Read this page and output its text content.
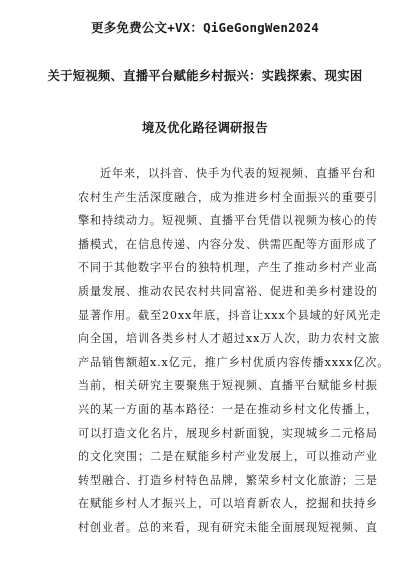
更多免费公文+VX：QiGeGongWen2024
关于短视频、直播平台赋能乡村振兴：实践探索、现实困
境及优化路径调研报告
近年来，以抖音、快手为代表的短视频、直播平台和
农村生产生活深度融合，成为推进乡村全面振兴的重要引
擎和持续动力。短视频、直播平台凭借以视频为核心的传
播模式，在信息传递、内容分发、供需匹配等方面形成了
不同于其他数字平台的独特机理，产生了推动乡村产业高
质量发展、推动农民农村共同富裕、促进和美乡村建设的
显著作用。截至20xx年底，抖音让xxx个县域的好风光走
向全国，培训各类乡村人才超过xx万人次，助力农村文旅
产品销售额超x.x亿元，推广乡村优质内容传播xxxx亿次。
当前，相关研究主要聚焦于短视频、直播平台赋能乡村振
兴的某一方面的基本路径：一是在推动乡村文化传播上，
可以打造文化名片，展现乡村新面貌，实现城乡二元格局
的文化突围；二是在赋能乡村产业发展上，可以推动产业
转型融合、打造乡村特色品牌，繁荣乡村文化旅游；三是
在赋能乡村人才振兴上，可以培育新农人，挖掘和扶持乡
村创业者。总的来看，现有研究未能全面展现短视频、直
